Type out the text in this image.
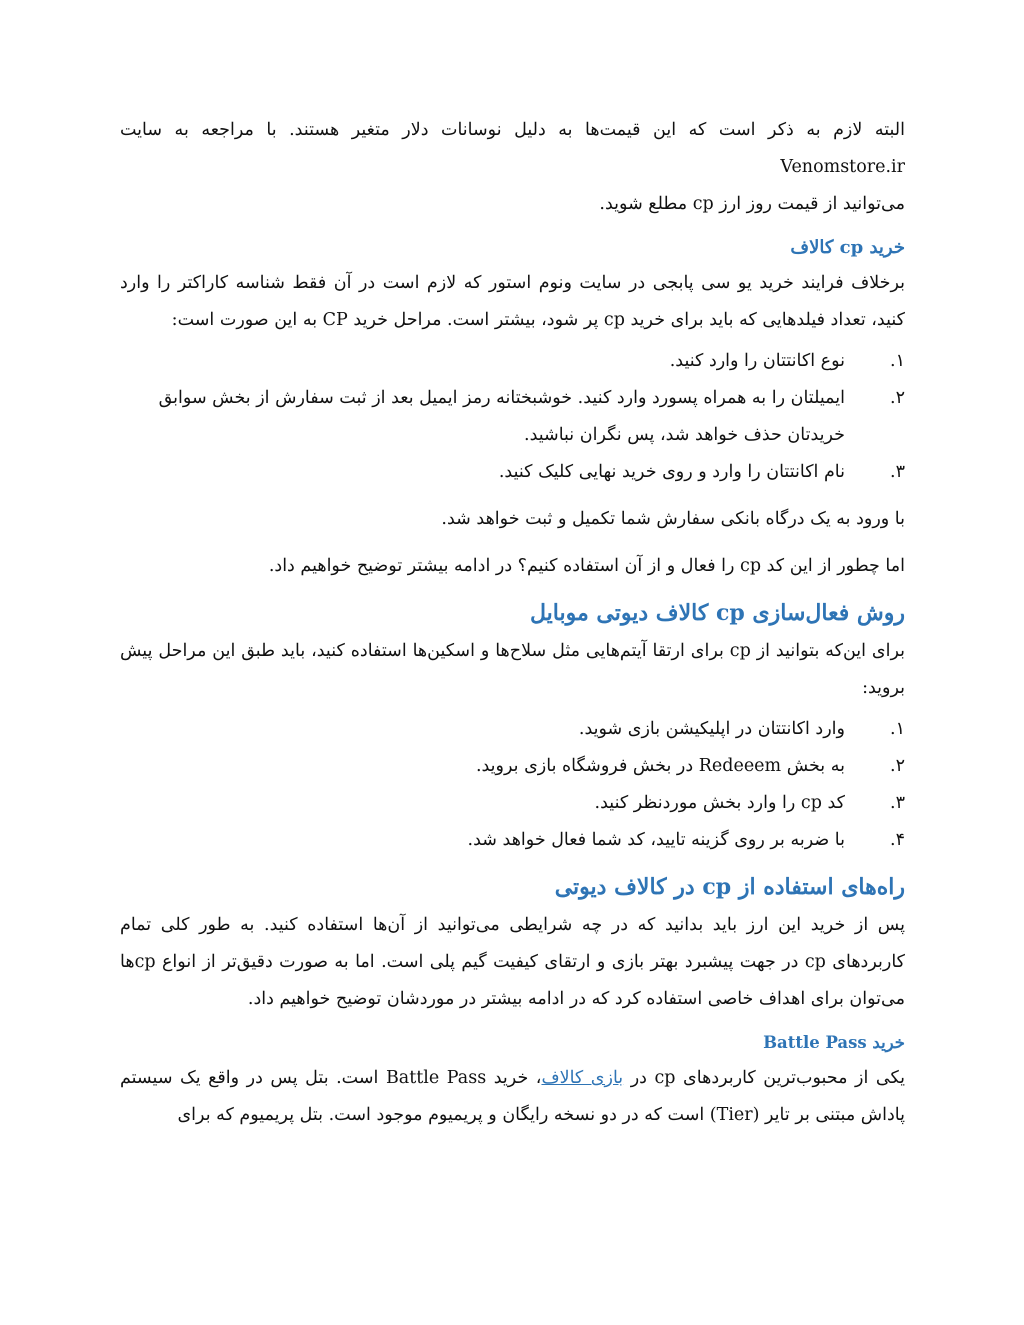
البته لازم به ذکر است که این قیمت‌ها به دلیل نوسانات دلار متغیر هستند. با مراجعه به سایت Venomstore.ir
می‌توانید از قیمت روز ارز cp مطلع شوید.

خرید cp کالاف

برخلاف فرایند خرید یو سی پابجی در سایت ونوم استور که لازم است در آن فقط شناسه کاراکتر را وارد کنید، تعداد فیلدهایی که باید برای خرید cp پر شود، بیشتر است. مراحل خرید CP به این صورت است:

۱.
نوع اکانتتان را وارد کنید.
۲.
ایمیلتان را به همراه پسورد وارد کنید. خوشبختانه رمز ایمیل بعد از ثبت سفارش از بخش سوابق خریدتان حذف خواهد شد، پس نگران نباشید.
۳.
نام اکانتتان را وارد و روی خرید نهایی کلیک کنید.

با ورود به یک درگاه بانکی سفارش شما تکمیل و ثبت خواهد شد.

اما چطور از این کد cp را فعال و از آن استفاده کنیم؟ در ادامه بیشتر توضیح خواهیم داد.

روش فعال‌سازی cp کالاف دیوتی موبایل

برای این‌که بتوانید از cp برای ارتقا آیتم‌هایی مثل سلاح‌ها و اسکین‌ها استفاده کنید، باید طبق این مراحل پیش بروید:

۱.
وارد اکانتتان در اپلیکیشن بازی شوید.
۲.
به بخش Redeeem در بخش فروشگاه بازی بروید.
۳.
کد cp را وارد بخش موردنظر کنید.
۴.
با ضربه بر روی گزینه تایید، کد شما فعال خواهد شد.
راه‌های استفاده از cp در کالاف دیوتی

پس از خرید این ارز باید بدانید که در چه شرایطی می‌توانید از آن‌ها استفاده کنید. به طور کلی تمام کاربردهای cp در جهت پیشبرد بهتر بازی و ارتقای کیفیت گیم پلی است. اما به صورت دقیق‌تر از انواع cpها می‌توان برای اهداف خاصی استفاده کرد که در ادامه بیشتر در موردشان توضیح خواهیم داد.

خرید Battle Pass

یکی از محبوب‌ترین کاربردهای cp در بازی کالاف، خرید Battle Pass است. بتل پس در واقع یک سیستم پاداش مبتنی بر تایر (Tier) است که در دو نسخه رایگان و پریمیوم موجود است. بتل پریمیوم که برای
